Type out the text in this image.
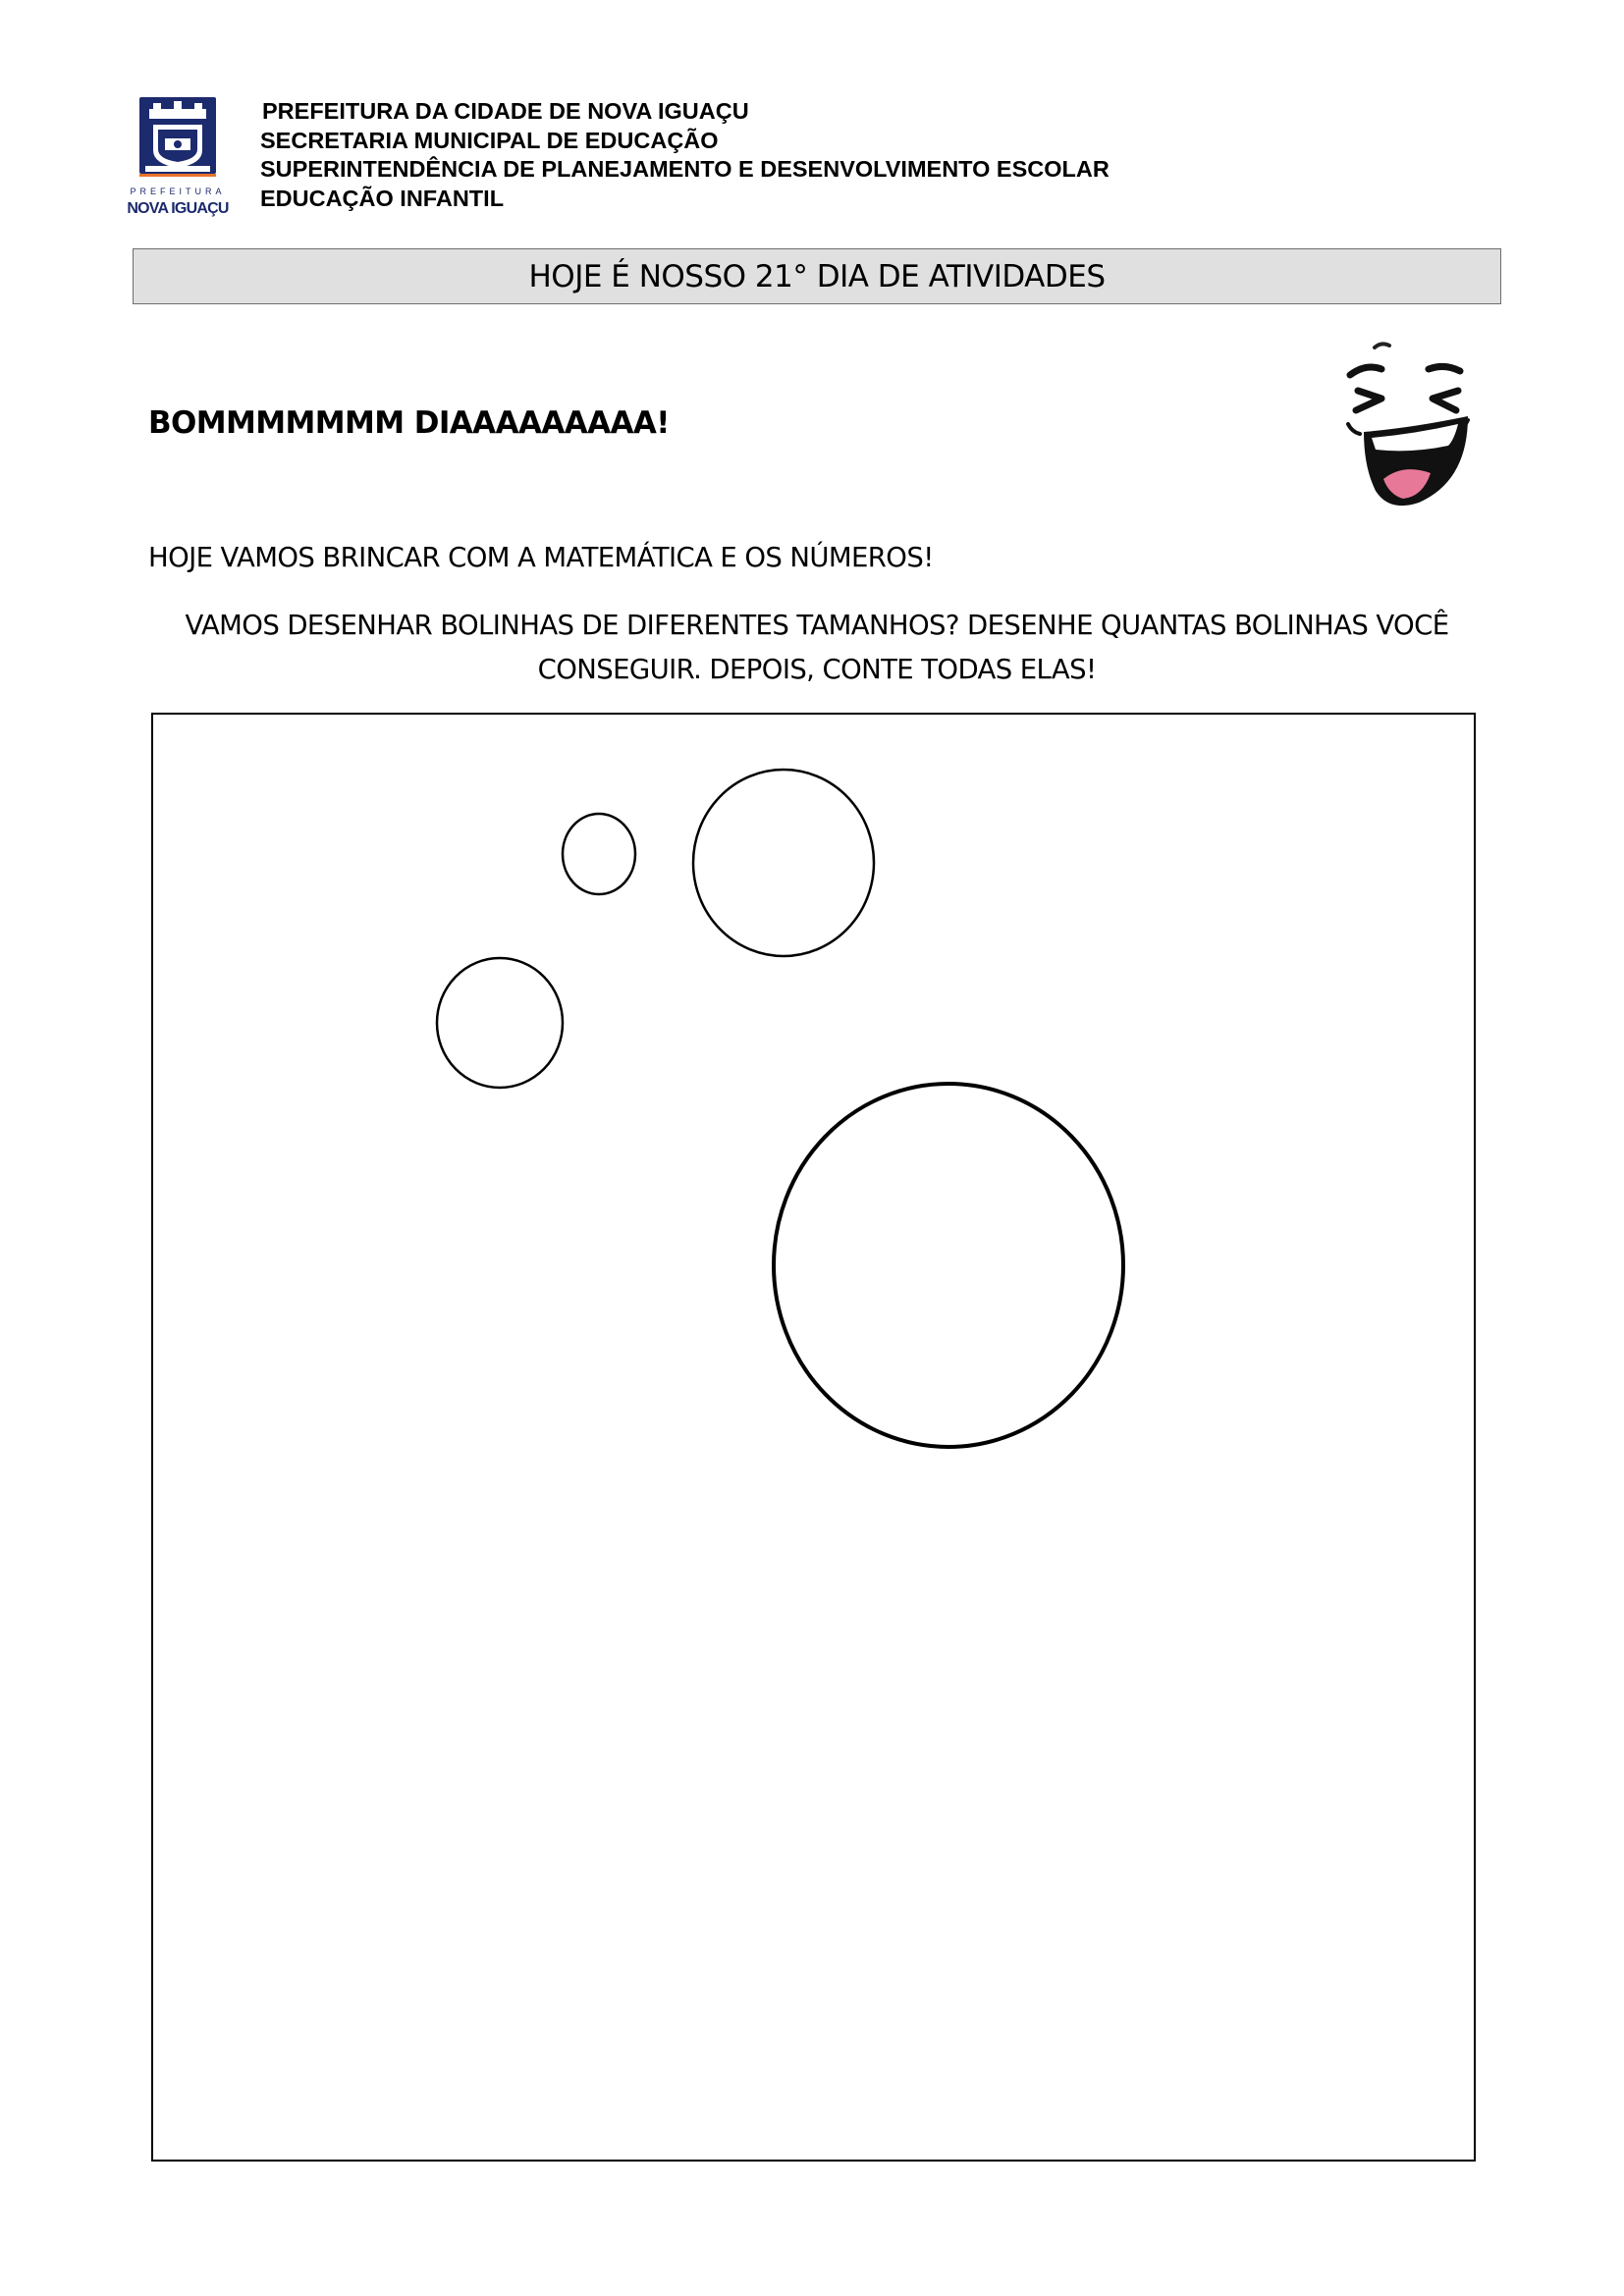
PREFEITURA
NOVA IGUAÇU
PREFEITURA DA CIDADE DE NOVA IGUAÇU
SECRETARIA MUNICIPAL DE EDUCAÇÃO
SUPERINTENDÊNCIA DE PLANEJAMENTO E DESENVOLVIMENTO ESCOLAR
EDUCAÇÃO INFANTIL
HOJE É NOSSO 21° DIA DE ATIVIDADES
BOMMMMMMM DIAAAAAAAAA!
HOJE VAMOS BRINCAR COM A MATEMÁTICA E OS NÚMEROS!
VAMOS DESENHAR BOLINHAS DE DIFERENTES TAMANHOS? DESENHE QUANTAS BOLINHAS VOCÊ
CONSEGUIR. DEPOIS, CONTE TODAS ELAS!
